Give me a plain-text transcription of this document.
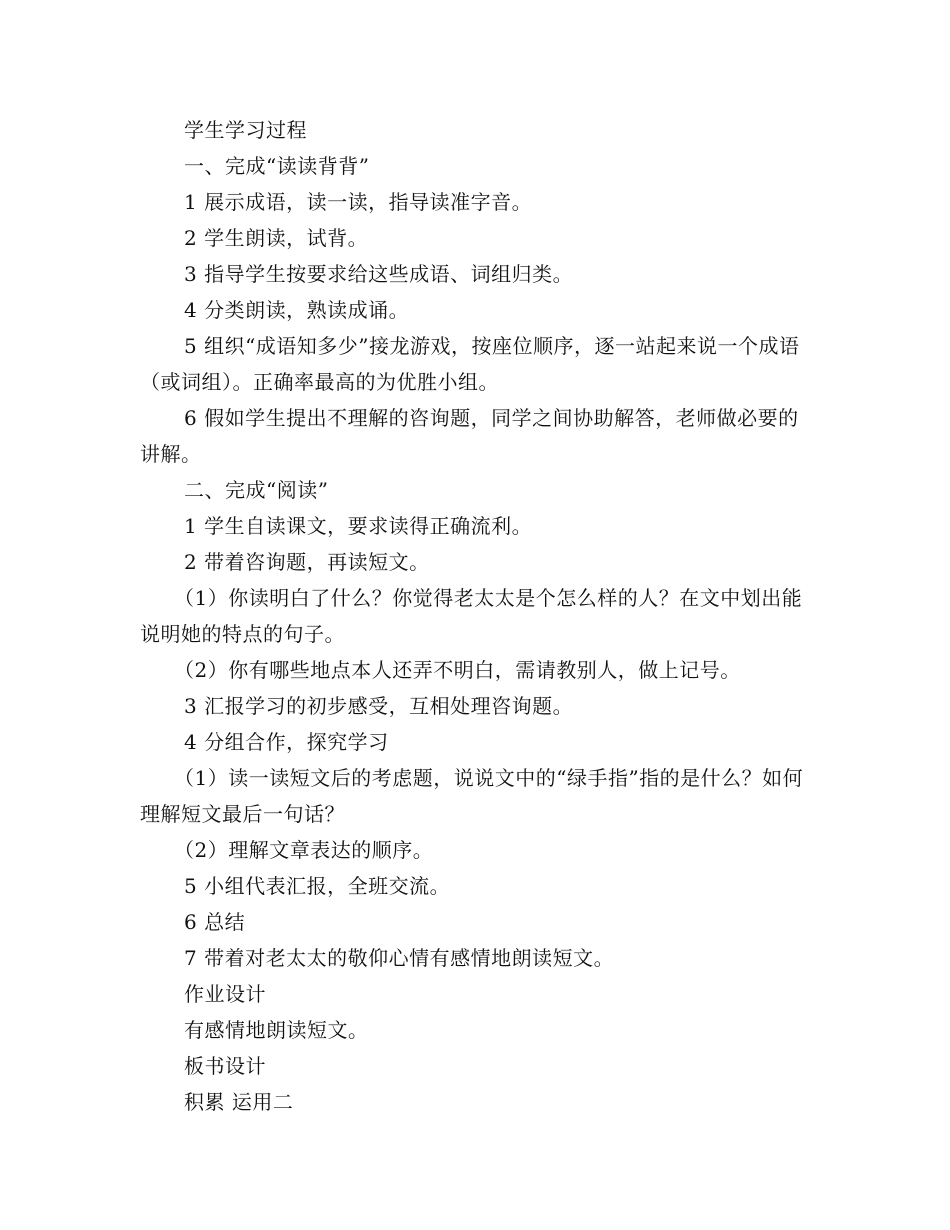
学生学习过程

一、完成“读读背背”

1 展示成语，读一读，指导读准字音。

2 学生朗读，试背。

3 指导学生按要求给这些成语、词组归类。

4 分类朗读，熟读成诵。

5 组织“成语知多少”接龙游戏，按座位顺序，逐一站起来说一个成语（或词组）。正确率最高的为优胜小组。

6 假如学生提出不理解的咨询题，同学之间协助解答，老师做必要的讲解。

二、完成“阅读”

1 学生自读课文，要求读得正确流利。

2 带着咨询题，再读短文。

（1）你读明白了什么？你觉得老太太是个怎么样的人？在文中划出能说明她的特点的句子。

（2）你有哪些地点本人还弄不明白，需请教别人，做上记号。

3 汇报学习的初步感受，互相处理咨询题。

4 分组合作，探究学习

（1）读一读短文后的考虑题，说说文中的“绿手指”指的是什么？如何理解短文最后一句话？

（2）理解文章表达的顺序。

5 小组代表汇报，全班交流。

6 总结

7 带着对老太太的敬仰心情有感情地朗读短文。

作业设计

有感情地朗读短文。

板书设计

积累 运用二
